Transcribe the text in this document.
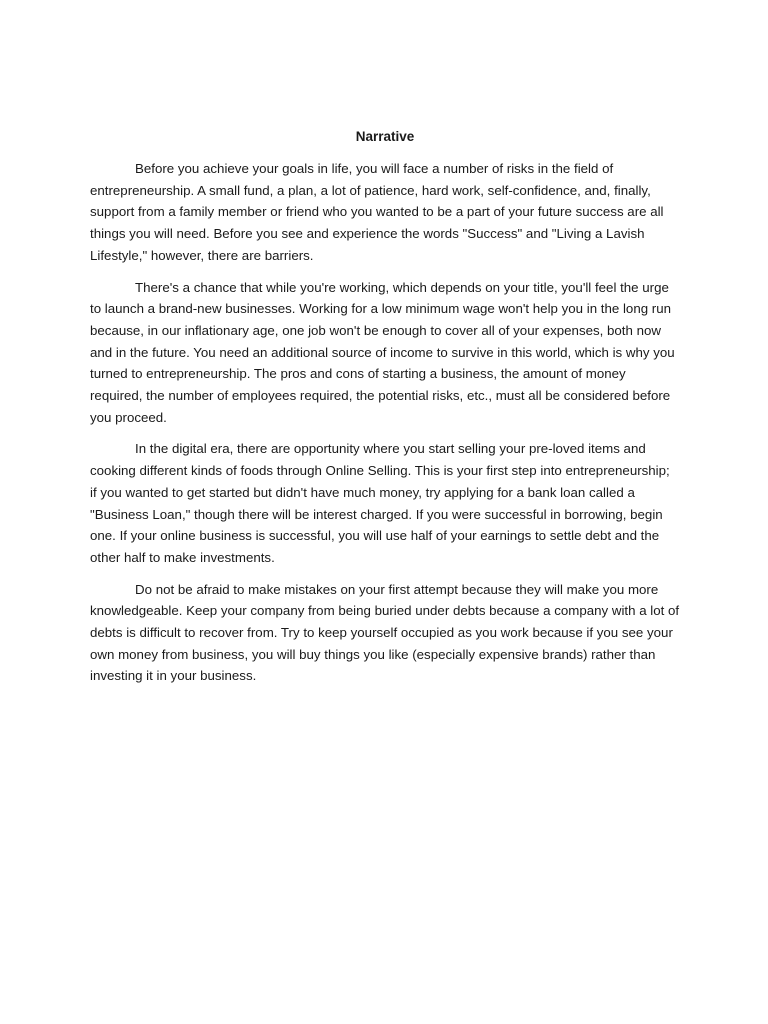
Narrative

Before you achieve your goals in life, you will face a number of risks in the field of entrepreneurship. A small fund, a plan, a lot of patience, hard work, self-confidence, and, finally, support from a family member or friend who you wanted to be a part of your future success are all things you will need. Before you see and experience the words "Success" and "Living a Lavish Lifestyle," however, there are barriers.

There's a chance that while you're working, which depends on your title, you'll feel the urge to launch a brand-new businesses. Working for a low minimum wage won't help you in the long run because, in our inflationary age, one job won't be enough to cover all of your expenses, both now and in the future. You need an additional source of income to survive in this world, which is why you turned to entrepreneurship. The pros and cons of starting a business, the amount of money required, the number of employees required, the potential risks, etc., must all be considered before you proceed.

In the digital era, there are opportunity where you start selling your pre-loved items and cooking different kinds of foods through Online Selling. This is your first step into entrepreneurship; if you wanted to get started but didn't have much money, try applying for a bank loan called a "Business Loan," though there will be interest charged. If you were successful in borrowing, begin one. If your online business is successful, you will use half of your earnings to settle debt and the other half to make investments.

Do not be afraid to make mistakes on your first attempt because they will make you more knowledgeable. Keep your company from being buried under debts because a company with a lot of debts is difficult to recover from. Try to keep yourself occupied as you work because if you see your own money from business, you will buy things you like (especially expensive brands) rather than investing it in your business.
